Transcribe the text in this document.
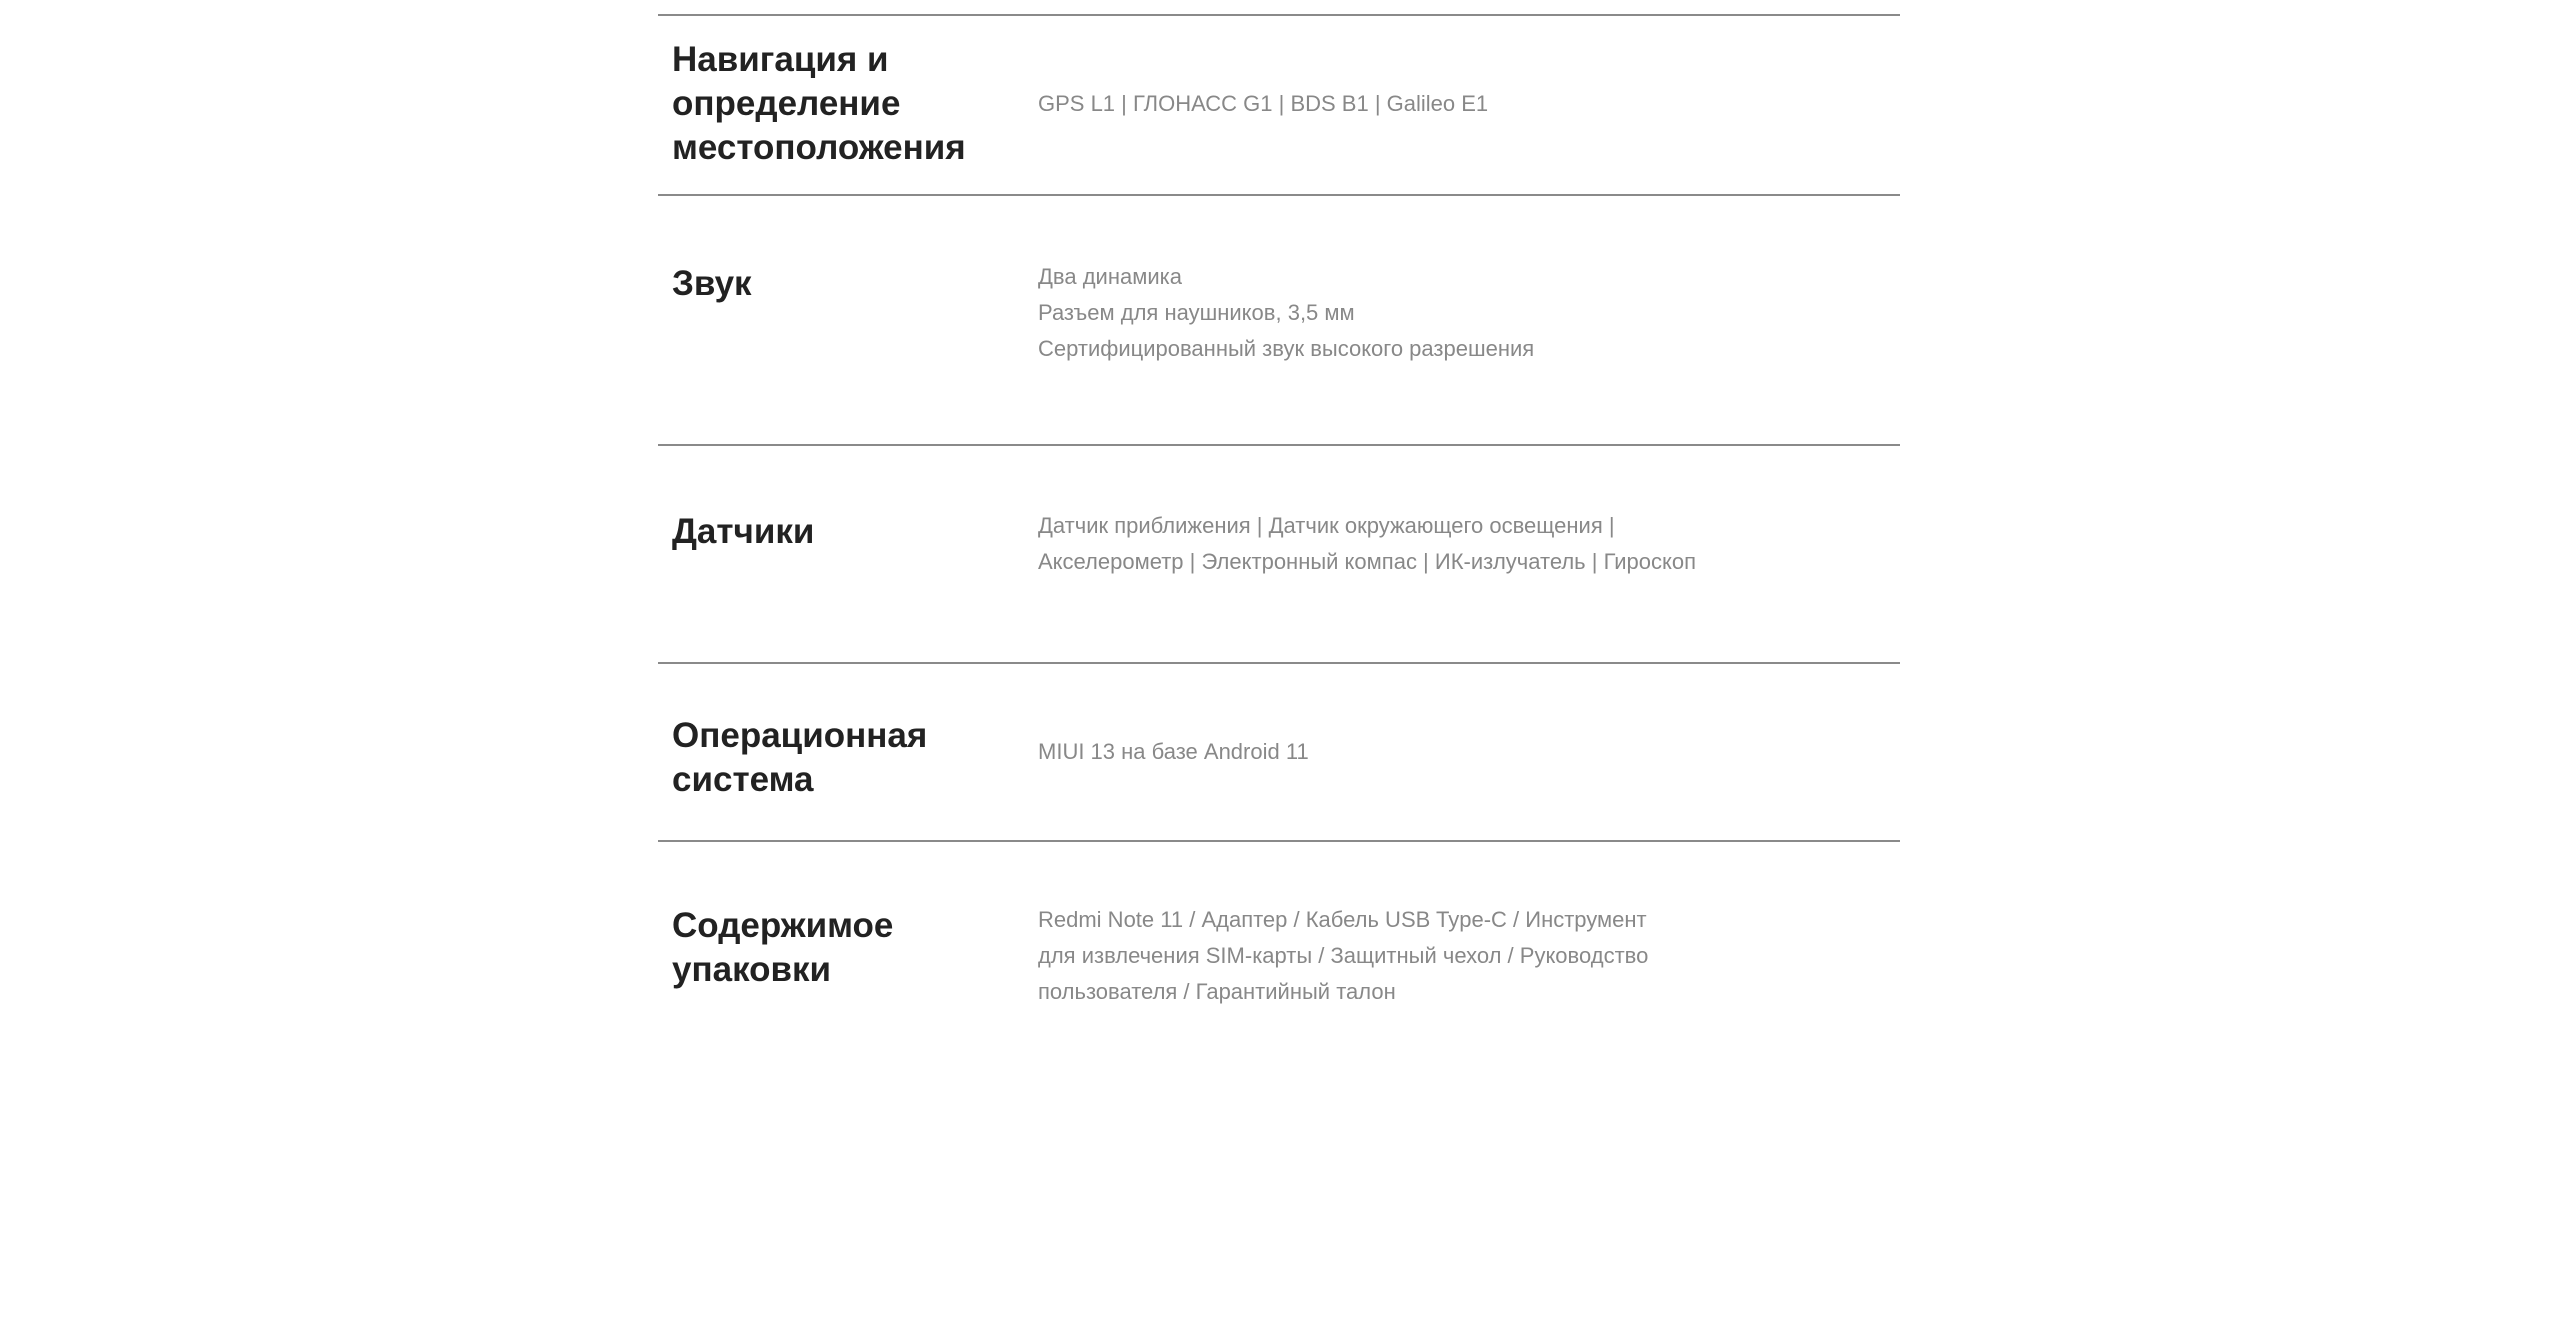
Навигация и определение местоположения
GPS L1 | ГЛОНАСС G1 | BDS B1 | Galileo E1
Звук	Два динамика
Разъем для наушников, 3,5 мм
Сертифицированный звук высокого разрешения
Датчики	Датчик приближения | Датчик окружающего освещения |
Акселерометр | Электронный компас | ИК-излучатель | Гироскоп
Операционная система
MIUI 13 на базе Android 11
Содержимое упаковки
Redmi Note 11 / Адаптер / Кабель USB Type-C / Инструмент
для извлечения SIM-карты / Защитный чехол / Руководство
пользователя / Гарантийный талон
